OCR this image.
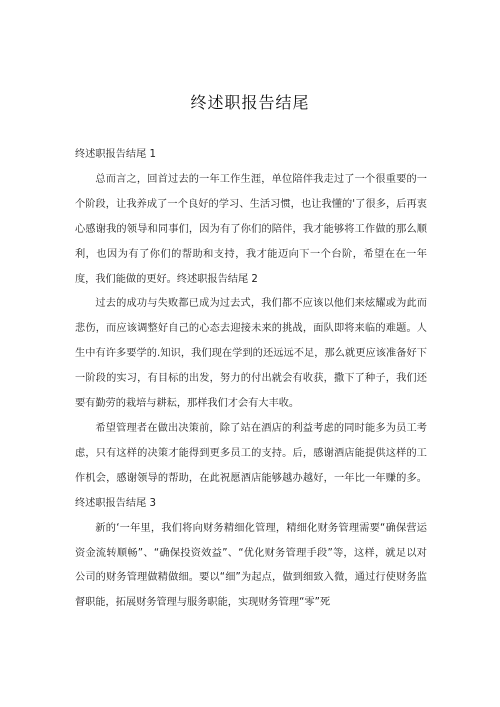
终述职报告结尾

终述职报告结尾 1

总而言之，回首过去的一年工作生涯，单位陪伴我走过了一个很重要的一个阶段，让我养成了一个良好的学习、生活习惯，也让我懂的'了很多，后再衷心感谢我的领导和同事们，因为有了你们的陪伴，我才能够将工作做的那么顺利，也因为有了你们的帮助和支持，我才能迈向下一个台阶，希望在在一年度，我们能做的更好。终述职报告结尾 2

过去的成功与失败都已成为过去式，我们都不应该以他们来炫耀或为此而悲伤，而应该调整好自己的心态去迎接未来的挑战，面队即将来临的难题。人生中有许多要学的.知识，我们现在学到的还远远不足，那么就更应该准备好下一阶段的实习，有目标的出发，努力的付出就会有收获，撒下了种子，我们还要有勤劳的栽培与耕耘，那样我们才会有大丰收。

希望管理者在做出决策前，除了站在酒店的利益考虑的同时能多为员工考虑，只有这样的决策才能得到更多员工的支持。后，感谢酒店能提供这样的工作机会，感谢领导的帮助，在此祝愿酒店能够越办越好，一年比一年赚的多。终述职报告结尾 3

新的‘一年里，我们将向财务精细化管理，精细化财务管理需要“确保营运资金流转顺畅”、“确保投资效益”、“优化财务管理手段”等，这样，就足以对公司的财务管理做精做细。要以“细”为起点，做到细致入微，通过行使财务监督职能，拓展财务管理与服务职能，实现财务管理“零”死
